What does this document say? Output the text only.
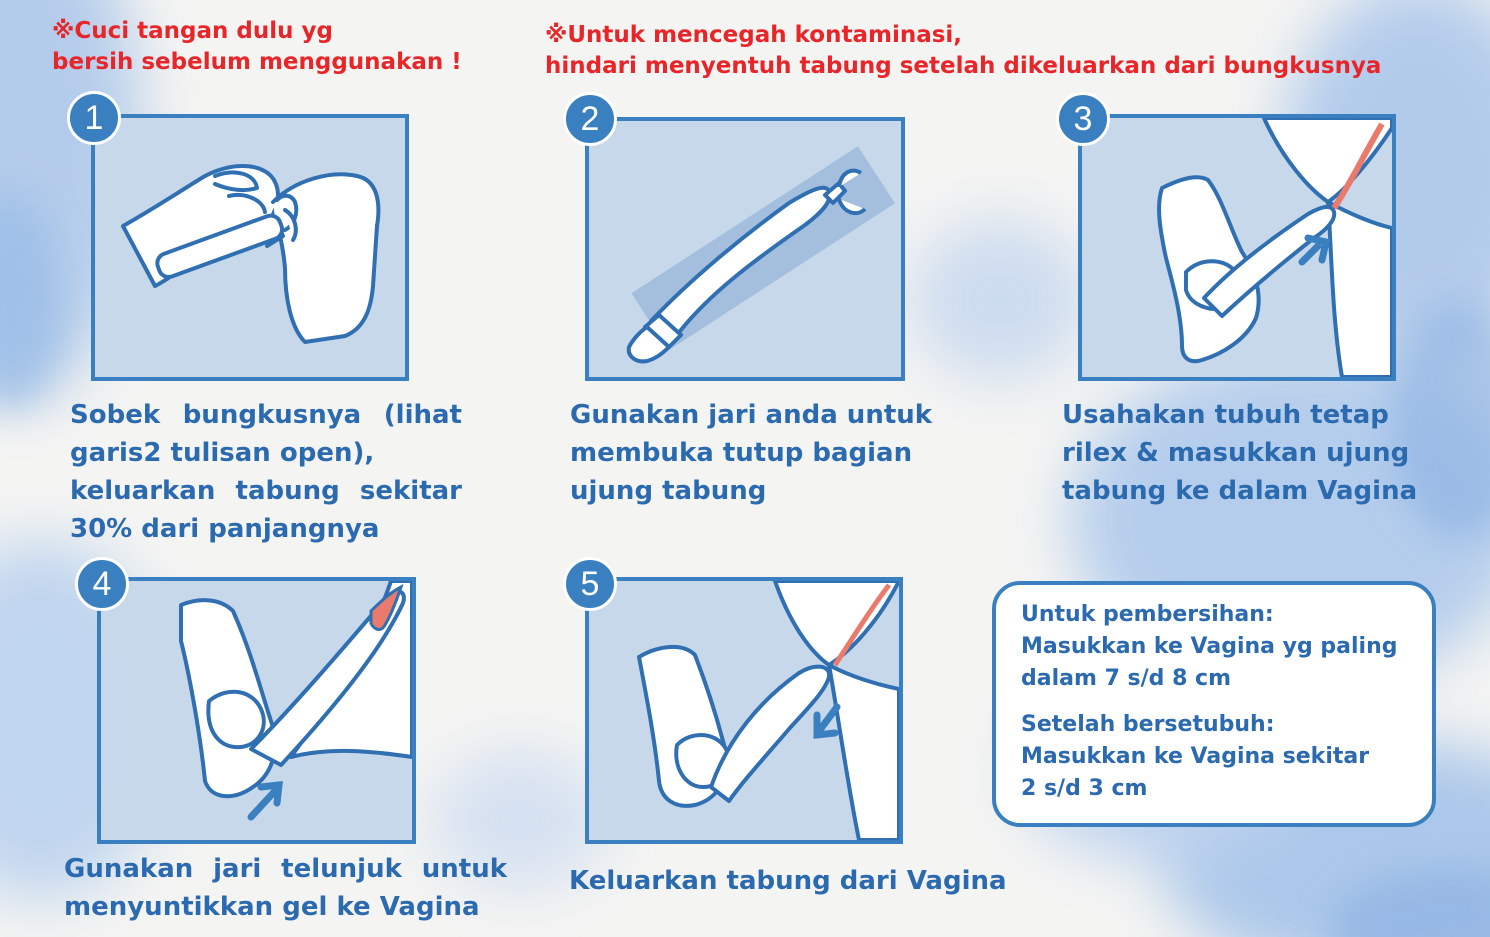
※Cuci tangan dulu yg
bersih sebelum menggunakan !
※Untuk mencegah kontaminasi,
hindari menyentuh tabung setelah dikeluarkan dari bungkusnya
1
Sobek bungkusnya (lihat
garis2 tulisan open),
keluarkan tabung sekitar
30% dari panjangnya
2
Gunakan jari anda untuk
membuka tutup bagian
ujung tabung
3
Usahakan tubuh tetap
rilex & masukkan ujung
tabung ke dalam Vagina
4
Gunakan jari telunjuk untuk
menyuntikkan gel ke Vagina
5
Keluarkan tabung dari Vagina
Untuk pembersihan:
Masukkan ke Vagina yg paling
dalam 7 s/d 8 cm
Setelah bersetubuh:
Masukkan ke Vagina sekitar
2 s/d 3 cm
